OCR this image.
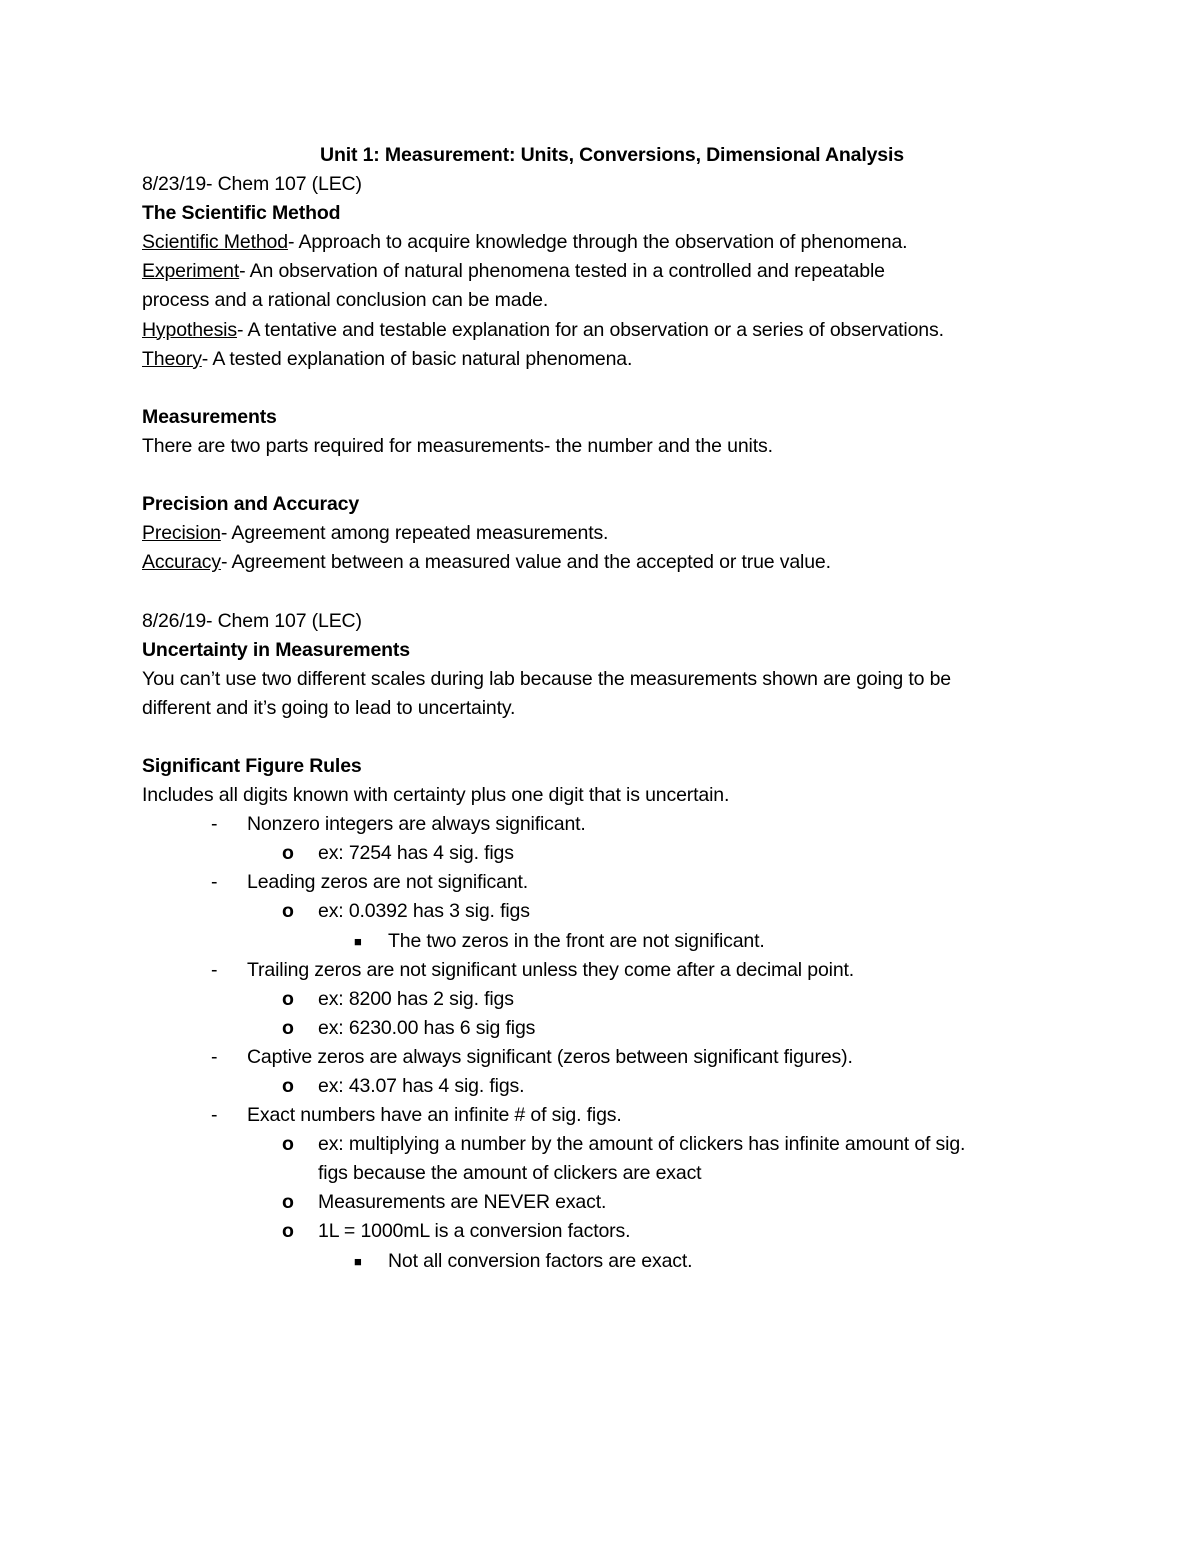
Unit 1: Measurement: Units, Conversions, Dimensional Analysis
8/23/19- Chem 107 (LEC)
The Scientific Method
Scientific Method- Approach to acquire knowledge through the observation of phenomena.
Experiment- An observation of natural phenomena tested in a controlled and repeatable
process and a rational conclusion can be made.
Hypothesis- A tentative and testable explanation for an observation or a series of observations.
Theory- A tested explanation of basic natural phenomena.
Measurements
There are two parts required for measurements- the number and the units.
Precision and Accuracy
Precision- Agreement among repeated measurements.
Accuracy- Agreement between a measured value and the accepted or true value.
8/26/19- Chem 107 (LEC)
Uncertainty in Measurements
You can’t use two different scales during lab because the measurements shown are going to be
different and it’s going to lead to uncertainty.
Significant Figure Rules
Includes all digits known with certainty plus one digit that is uncertain.
- Nonzero integers are always significant.
o ex: 7254 has 4 sig. figs
- Leading zeros are not significant.
o ex: 0.0392 has 3 sig. figs
■ The two zeros in the front are not significant.
- Trailing zeros are not significant unless they come after a decimal point.
o ex: 8200 has 2 sig. figs
o ex: 6230.00 has 6 sig figs
- Captive zeros are always significant (zeros between significant figures).
o ex: 43.07 has 4 sig. figs.
- Exact numbers have an infinite # of sig. figs.
o ex: multiplying a number by the amount of clickers has infinite amount of sig.
figs because the amount of clickers are exact
o Measurements are NEVER exact.
o 1L = 1000mL is a conversion factors.
■ Not all conversion factors are exact.
